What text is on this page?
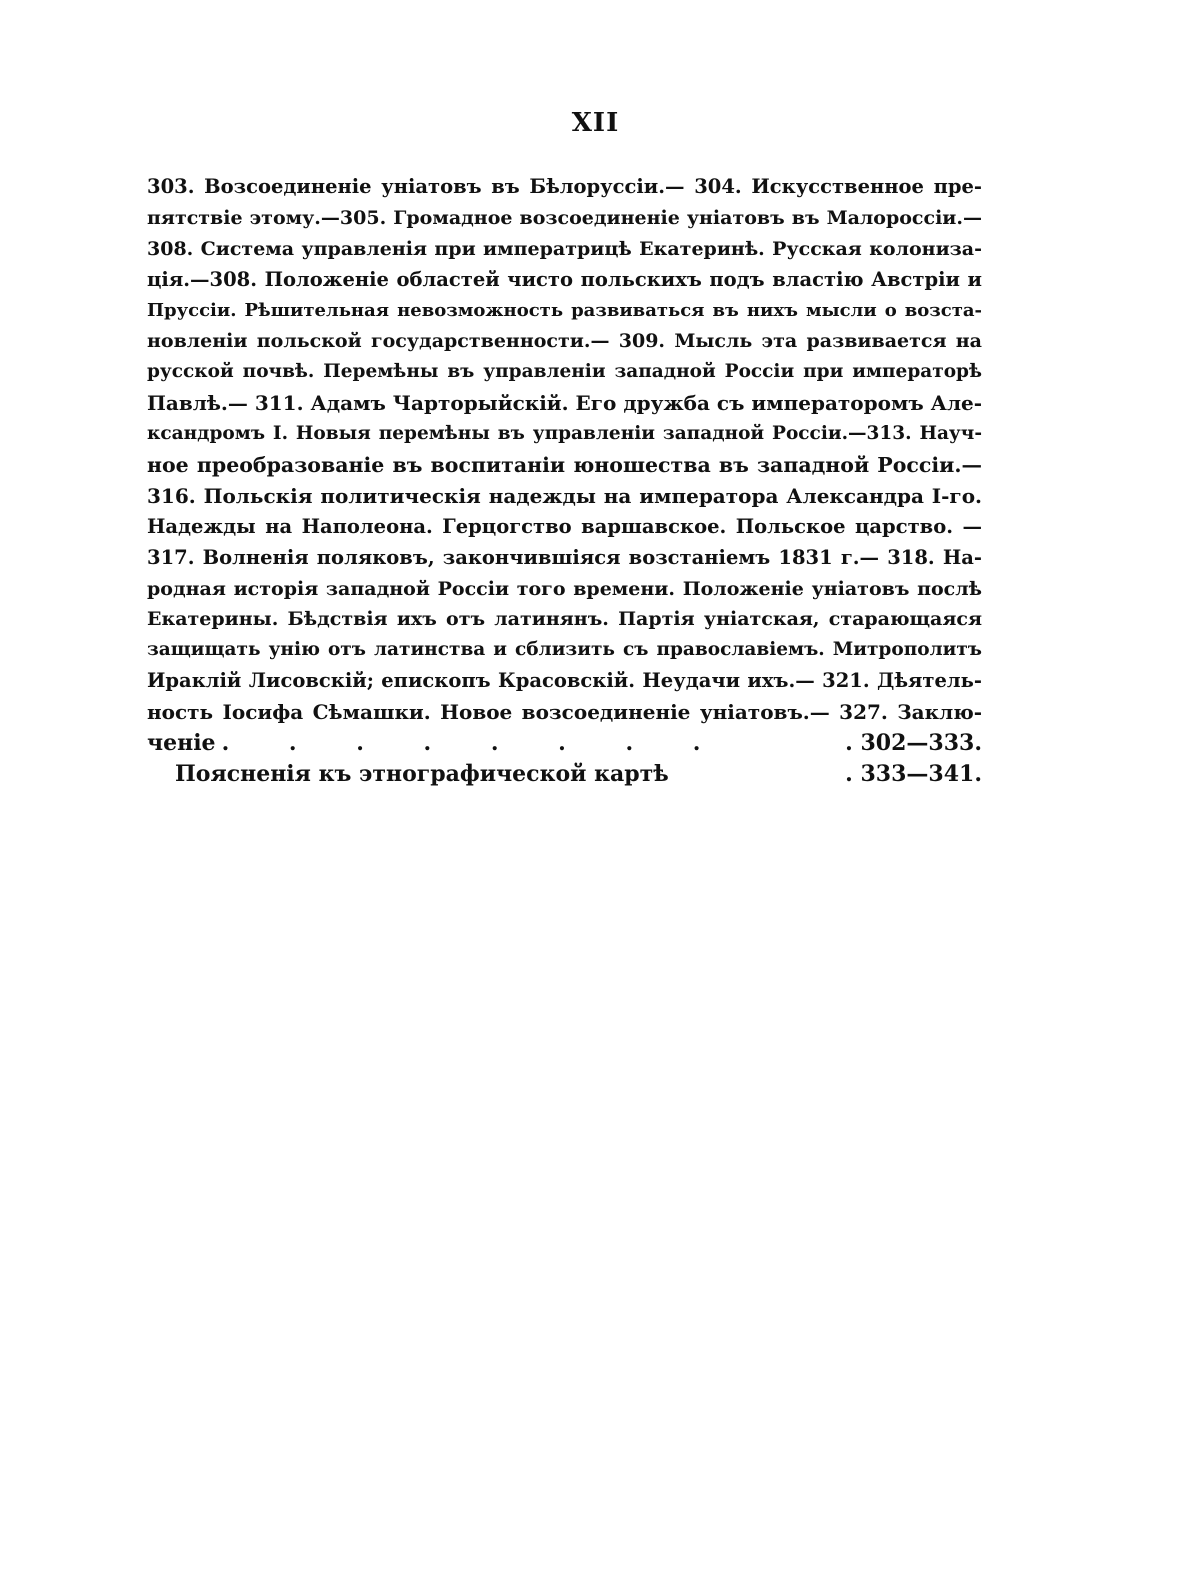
XII
303. Возсоединеніе уніатовъ въ Бѣлоруссіи.— 304. Искусственное пре-
пятствіе этому.—305. Громадное возсоединеніе уніатовъ въ Малороссіи.—
308. Система управленія при императрицѣ Екатеринѣ. Русская колониза-
ція.—308. Положеніе областей чисто польскихъ подъ властію Австріи и
Пруссіи. Рѣшительная невозможность развиваться въ нихъ мысли о возста-
новленіи польской государственности.— 309. Мысль эта развивается на
русской почвѣ. Перемѣны въ управленіи западной Россіи при императорѣ
Павлѣ.— 311. Адамъ Чарторыйскій. Его дружба съ императоромъ Але-
ксандромъ I. Новыя перемѣны въ управленіи западной Россіи.—313. Науч-
ное преобразованіе въ воспитаніи юношества въ западной Россіи.—
316. Польскія политическія надежды на императора Александра I-го.
Надежды на Наполеона. Герцогство варшавское. Польское царство. —
317. Волненія поляковъ, закончившіяся возстаніемъ 1831 г.— 318. На-
родная исторія западной Россіи того времени. Положеніе уніатовъ послѣ
Екатерины. Бѣдствія ихъ отъ латинянъ. Партія уніатская, старающаяся
защищать унію отъ латинства и сблизить съ православіемъ. Митрополитъ
Ираклій Лисовскій; епископъ Красовскій. Неудачи ихъ.— 321. Дѣятель-
ность Іосифа Сѣмашки. Новое возсоединеніе уніатовъ.— 327. Заклю-
ченіе . . . . . . . .	. 302—333.
Поясненія къ этнографической картѣ	. 333—341.
